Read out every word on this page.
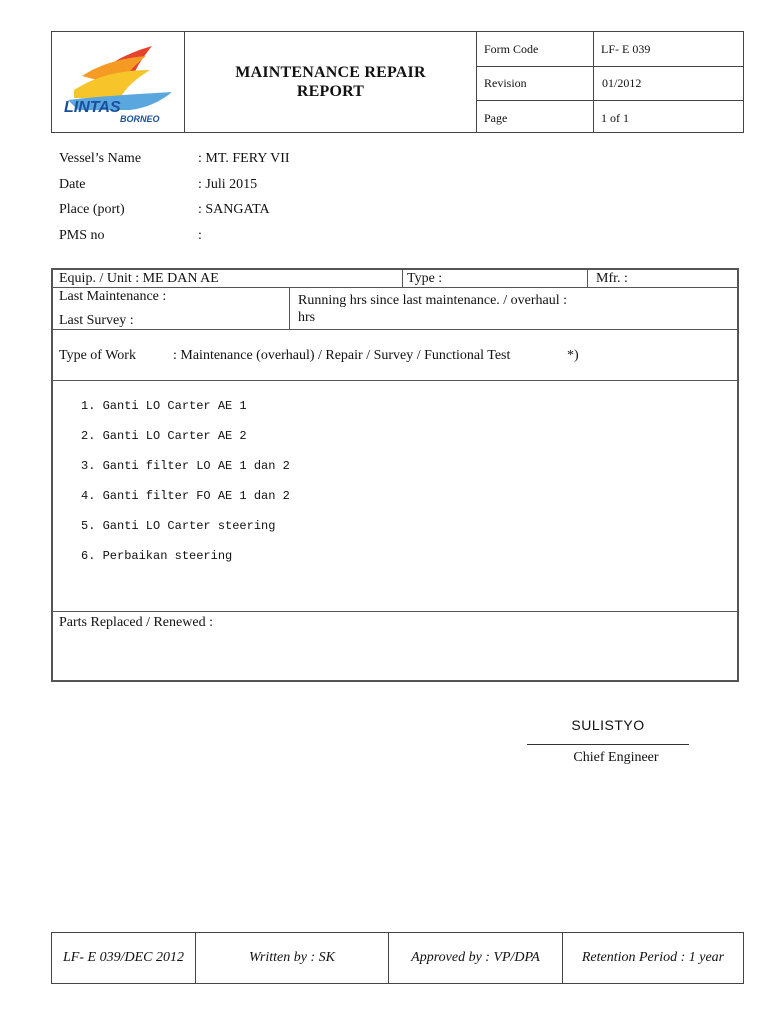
LINTAS
BORNEO
MAINTENANCE REPAIR
REPORT
Form Code	LF- E 039
Revision	01/2012
Page	1 of 1
Vessel’s Name	: MT. FERY VII
Date	: Juli 2015
Place (port)	: SANGATA
PMS no	:
Equip. / Unit : ME DAN AE	Type :	Mfr. :
Last Maintenance :
Last Survey :
Running hrs since last maintenance. / overhaul :
hrs
Type of Work	: Maintenance (overhaul) / Repair / Survey / Functional Test	*)
1. Ganti LO Carter AE 1
2. Ganti LO Carter AE 2
3. Ganti filter LO AE 1 dan 2
4. Ganti filter FO AE 1 dan 2
5. Ganti LO Carter steering
6. Perbaikan steering
Parts Replaced / Renewed :
SULISTYO
Chief Engineer
LF- E 039/DEC 2012	Written by : SK	Approved by : VP/DPA	Retention Period : 1 year
